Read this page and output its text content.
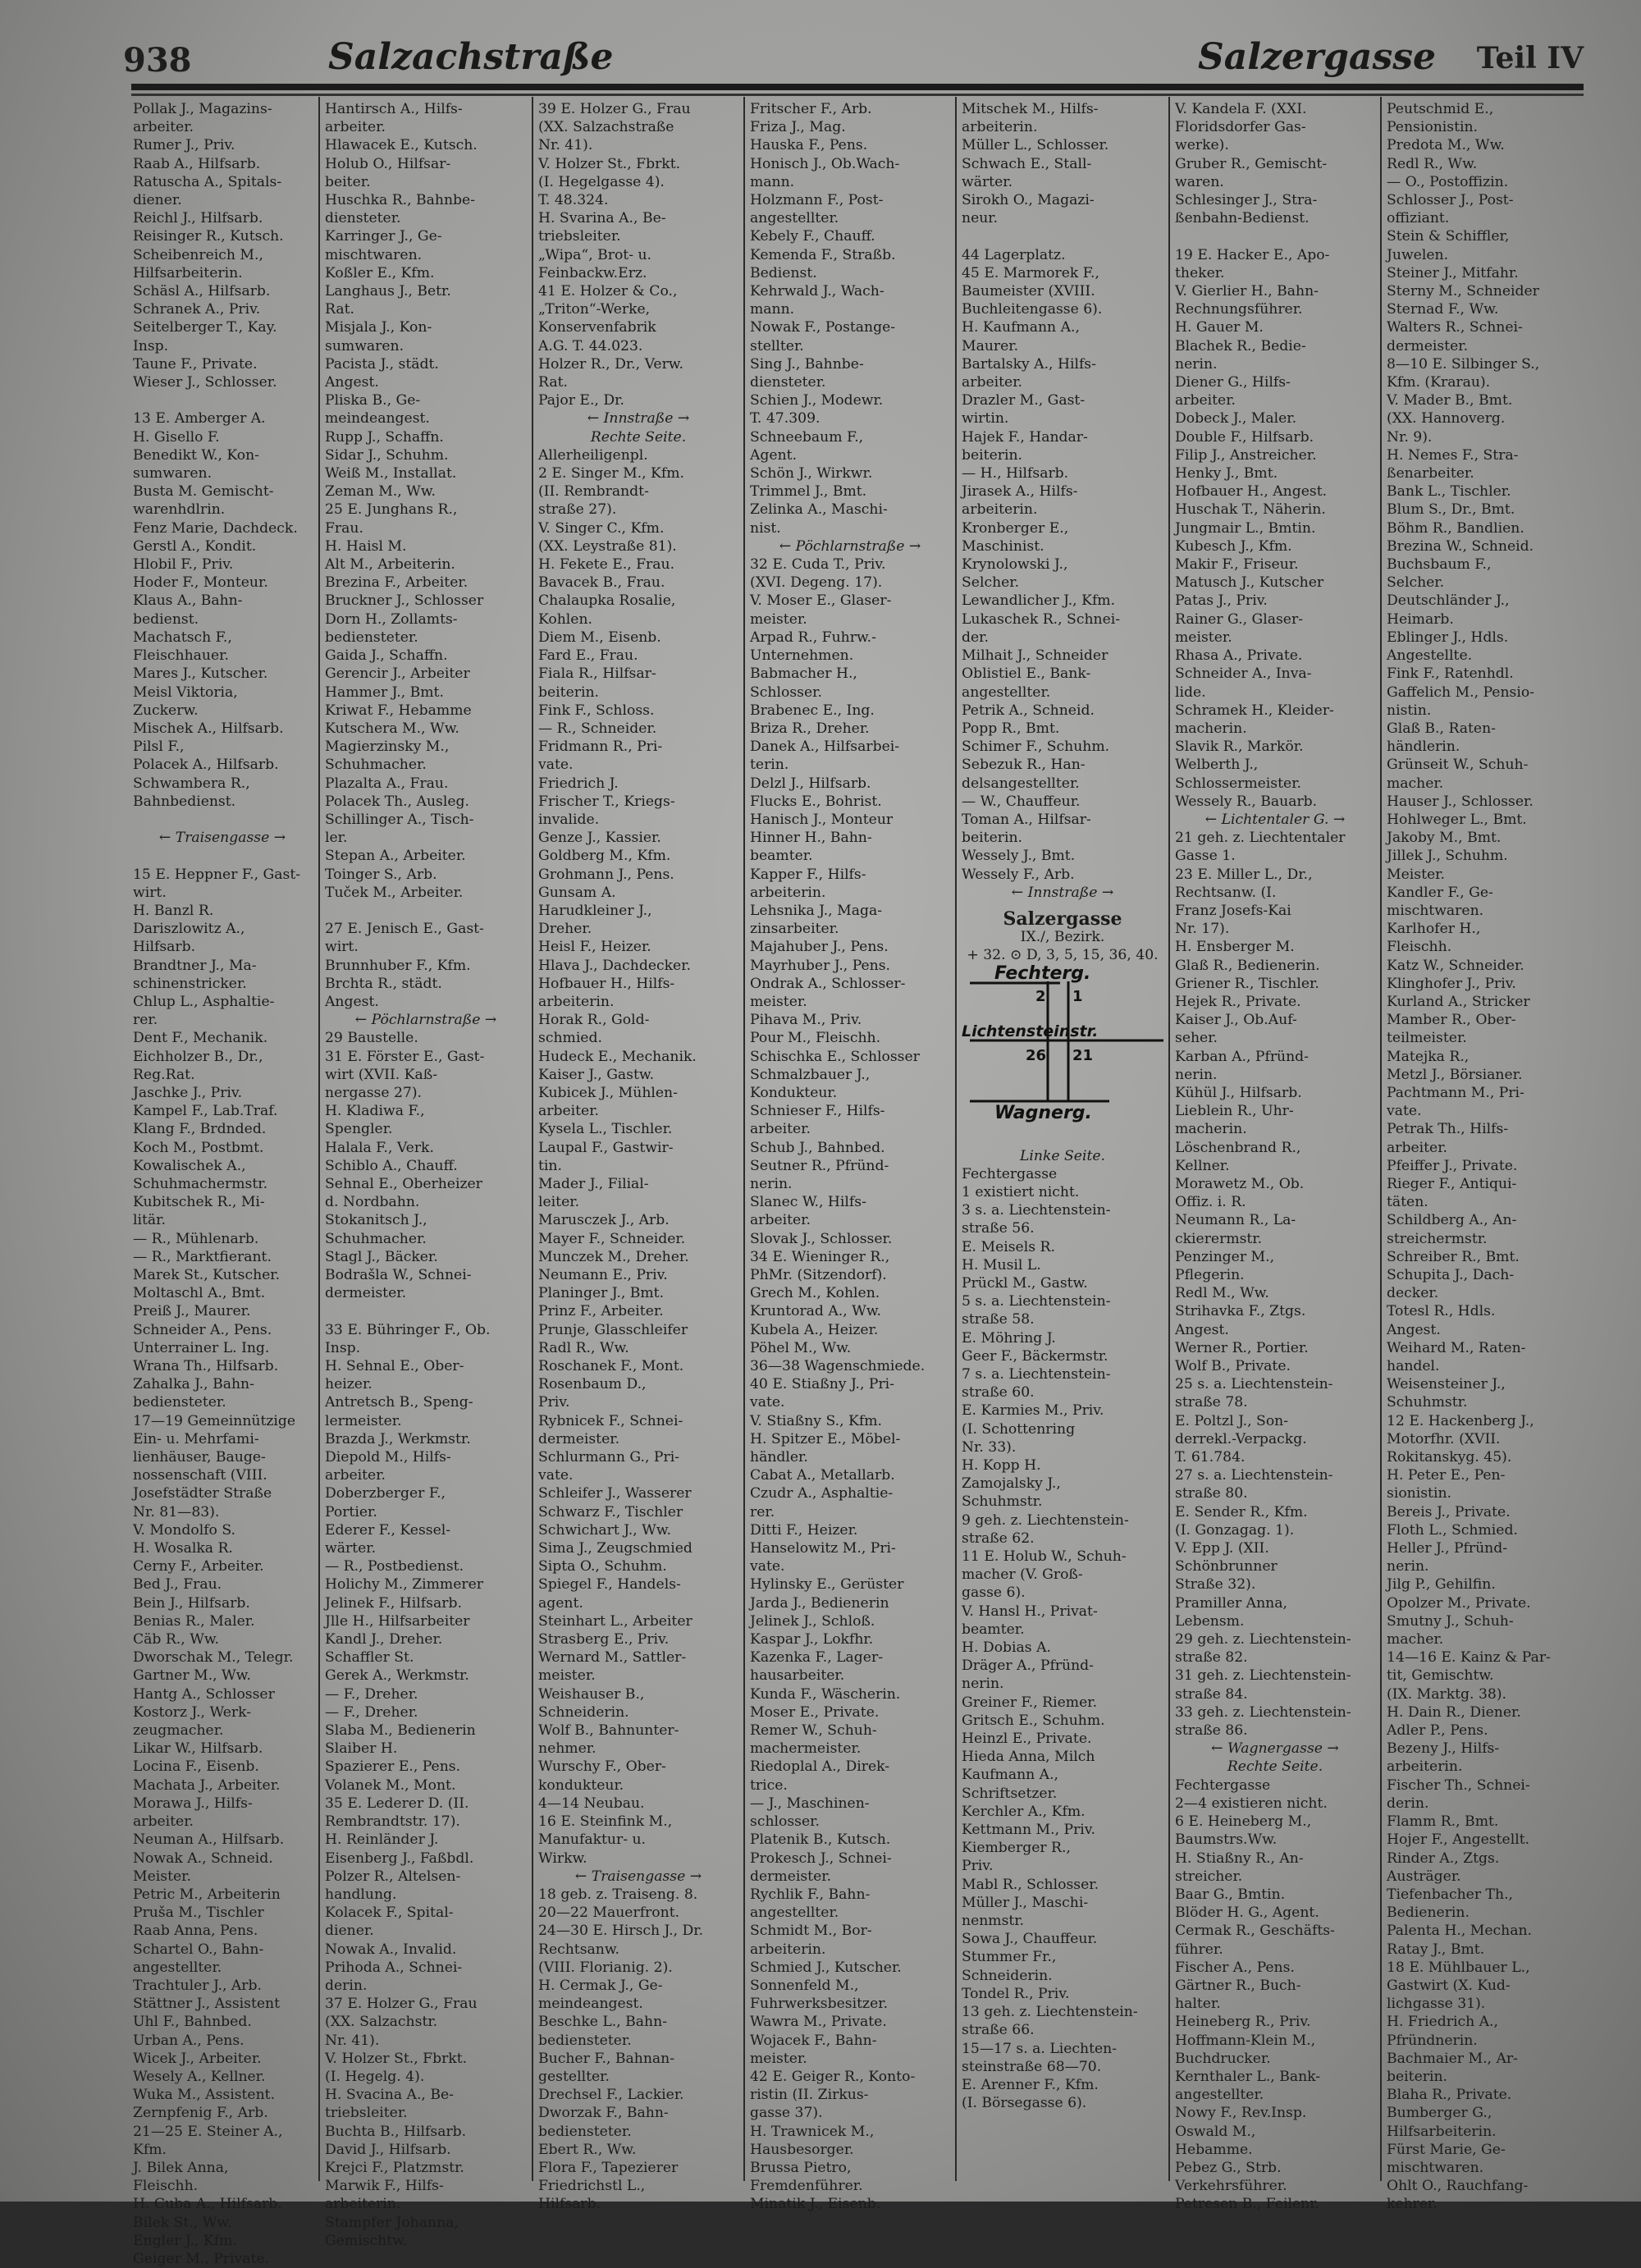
938	Salzachstraße	Salzergasse Teil IV
Pollak J., Magazins-
arbeiter.
Rumer J., Priv.
Raab A., Hilfsarb.
Ratuscha A., Spitals-
diener.
Reichl J., Hilfsarb.
Reisinger R., Kutsch.
Scheibenreich M.,
Hilfsarbeiterin.
Schäsl A., Hilfsarb.
Schranek A., Priv.
Seitelberger T., Kay.
Insp.
Taune F., Private.
Wieser J., Schlosser.

13 E. Amberger A.
H. Gisello F.
Benedikt W., Kon-
sumwaren.
Busta M. Gemischt-
warenhdlrin.
Fenz Marie, Dachdeck.
Gerstl A., Kondit.
Hlobil F., Priv.
Hoder F., Monteur.
Klaus A., Bahn-
bedienst.
Machatsch F.,
Fleischhauer.
Mares J., Kutscher.
Meisl Viktoria,
Zuckerw.
Mischek A., Hilfsarb.
Pilsl F.,
Polacek A., Hilfsarb.
Schwambera R.,
Bahnbedienst.

← Traisengasse →

15 E. Heppner F., Gast-
wirt.
H. Banzl R.
Dariszlowitz A.,
Hilfsarb.
Brandtner J., Ma-
schinenstricker.
Chlup L., Asphaltie-
rer.
Dent F., Mechanik.
Eichholzer B., Dr.,
Reg.Rat.
Jaschke J., Priv.
Kampel F., Lab.Traf.
Klang F., Brdnded.
Koch M., Postbmt.
Kowalischek A.,
Schuhmachermstr.
Kubitschek R., Mi-
litär.
— R., Mühlenarb.
— R., Marktfierant.
Marek St., Kutscher.
Moltaschl A., Bmt.
Preiß J., Maurer.
Schneider A., Pens.
Unterrainer L. Ing.
Wrana Th., Hilfsarb.
Zahalka J., Bahn-
bediensteter.
17—19 Gemeinnützige
Ein- u. Mehrfami-
lienhäuser, Bauge-
nossenschaft (VIII.
Josefstädter Straße
Nr. 81—83).
V. Mondolfo S.
H. Wosalka R.
Cerny F., Arbeiter.
Bed J., Frau.
Bein J., Hilfsarb.
Benias R., Maler.
Cäb R., Ww.
Dworschak M., Telegr.
Gartner M., Ww.
Hantg A., Schlosser
Kostorz J., Werk-
zeugmacher.
Likar W., Hilfsarb.
Locina F., Eisenb.
Machata J., Arbeiter.
Morawa J., Hilfs-
arbeiter.
Neuman A., Hilfsarb.
Nowak A., Schneid.
Meister.
Petric M., Arbeiterin
Pruša M., Tischler
Raab Anna, Pens.
Schartel O., Bahn-
angestellter.
Trachtuler J., Arb.
Stättner J., Assistent
Uhl F., Bahnbed.
Urban A., Pens.
Wicek J., Arbeiter.
Wesely A., Kellner.
Wuka M., Assistent.
Zernpfenig F., Arb.
21—25 E. Steiner A.,
Kfm.
J. Bilek Anna,
Fleischh.
H. Cuba A., Hilfsarb.
Bilek St., Ww.
Engler J., Kfm.
Geiger M., Private.
Hantirsch A., Hilfs-
arbeiter.
Hlawacek E., Kutsch.
Holub O., Hilfsar-
beiter.
Huschka R., Bahnbe-
diensteter.
Karringer J., Ge-
mischtwaren.
Koßler E., Kfm.
Langhaus J., Betr.
Rat.
Misjala J., Kon-
sumwaren.
Pacista J., städt.
Angest.
Pliska B., Ge-
meindeangest.
Rupp J., Schaffn.
Sidar J., Schuhm.
Weiß M., Installat.
Zeman M., Ww.
25 E. Junghans R.,
Frau.
H. Haisl M.
Alt M., Arbeiterin.
Brezina F., Arbeiter.
Bruckner J., Schlosser
Dorn H., Zollamts-
bediensteter.
Gaida J., Schaffn.
Gerencir J., Arbeiter
Hammer J., Bmt.
Kriwat F., Hebamme
Kutschera M., Ww.
Magierzinsky M.,
Schuhmacher.
Plazalta A., Frau.
Polacek Th., Ausleg.
Schillinger A., Tisch-
ler.
Stepan A., Arbeiter.
Toinger S., Arb.
Tuček M., Arbeiter.

27 E. Jenisch E., Gast-
wirt.
Brunnhuber F., Kfm.
Brchta R., städt.
Angest.
← Pöchlarnstraße →
29 Baustelle.
31 E. Förster E., Gast-
wirt (XVII. Kaß-
nergasse 27).
H. Kladiwa F.,
Spengler.
Halala F., Verk.
Schiblo A., Chauff.
Sehnal E., Oberheizer
d. Nordbahn.
Stokanitsch J.,
Schuhmacher.
Stagl J., Bäcker.
Bodrašla W., Schnei-
dermeister.

33 E. Bühringer F., Ob.
Insp.
H. Sehnal E., Ober-
heizer.
Antretsch B., Speng-
lermeister.
Brazda J., Werkmstr.
Diepold M., Hilfs-
arbeiter.
Doberzberger F.,
Portier.
Ederer F., Kessel-
wärter.
— R., Postbedienst.
Holichy M., Zimmerer
Jelinek F., Hilfsarb.
Jlle H., Hilfsarbeiter
Kandl J., Dreher.
Schaffler St.
Gerek A., Werkmstr.
— F., Dreher.
— F., Dreher.
Slaba M., Bedienerin
Slaiber H.
Spazierer E., Pens.
Volanek M., Mont.
35 E. Lederer D. (II.
Rembrandtstr. 17).
H. Reinländer J.
Eisenberg J., Faßbdl.
Polzer R., Altelsen-
handlung.
Kolacek F., Spital-
diener.
Nowak A., Invalid.
Prihoda A., Schnei-
derin.
37 E. Holzer G., Frau
(XX. Salzachstr.
Nr. 41).
V. Holzer St., Fbrkt.
(I. Hegelg. 4).
H. Svacina A., Be-
triebsleiter.
Buchta B., Hilfsarb.
David J., Hilfsarb.
Krejci F., Platzmstr.
Marwik F., Hilfs-
arbeiterin.
Stampfer Johanna,
Gemischtw.
39 E. Holzer G., Frau
(XX. Salzachstraße
Nr. 41).
V. Holzer St., Fbrkt.
(I. Hegelgasse 4).
T. 48.324.
H. Svarina A., Be-
triebsleiter.
„Wipa“, Brot- u.
Feinbackw.Erz.
41 E. Holzer & Co.,
„Triton“-Werke,
Konservenfabrik
A.G. T. 44.023.
Holzer R., Dr., Verw.
Rat.
Pajor E., Dr.
← Innstraße →
Rechte Seite.
Allerheiligenpl.
2 E. Singer M., Kfm.
(II. Rembrandt-
straße 27).
V. Singer C., Kfm.
(XX. Leystraße 81).
H. Fekete E., Frau.
Bavacek B., Frau.
Chalaupka Rosalie,
Kohlen.
Diem M., Eisenb.
Fard E., Frau.
Fiala R., Hilfsar-
beiterin.
Fink F., Schloss.
— R., Schneider.
Fridmann R., Pri-
vate.
Friedrich J.
Frischer T., Kriegs-
invalide.
Genze J., Kassier.
Goldberg M., Kfm.
Grohmann J., Pens.
Gunsam A.
Harudkleiner J.,
Dreher.
Heisl F., Heizer.
Hlava J., Dachdecker.
Hofbauer H., Hilfs-
arbeiterin.
Horak R., Gold-
schmied.
Hudeck E., Mechanik.
Kaiser J., Gastw.
Kubicek J., Mühlen-
arbeiter.
Kysela L., Tischler.
Laupal F., Gastwir-
tin.
Mader J., Filial-
leiter.
Marusczek J., Arb.
Mayer F., Schneider.
Munczek M., Dreher.
Neumann E., Priv.
Planinger J., Bmt.
Prinz F., Arbeiter.
Prunje, Glasschleifer
Radl R., Ww.
Roschanek F., Mont.
Rosenbaum D.,
Priv.
Rybnicek F., Schnei-
dermeister.
Schlurmann G., Pri-
vate.
Schleifer J., Wasserer
Schwarz F., Tischler
Schwichart J., Ww.
Sima J., Zeugschmied
Sipta O., Schuhm.
Spiegel F., Handels-
agent.
Steinhart L., Arbeiter
Strasberg E., Priv.
Wernard M., Sattler-
meister.
Weishauser B.,
Schneiderin.
Wolf B., Bahnunter-
nehmer.
Wurschy F., Ober-
kondukteur.
4—14 Neubau.
16 E. Steinfink M.,
Manufaktur- u.
Wirkw.
← Traisengasse →
18 geb. z. Traiseng. 8.
20—22 Mauerfront.
24—30 E. Hirsch J., Dr.
Rechtsanw.
(VIII. Florianig. 2).
H. Cermak J., Ge-
meindeangest.
Beschke L., Bahn-
bediensteter.
Bucher F., Bahnan-
gestellter.
Drechsel F., Lackier.
Dworzak F., Bahn-
bediensteter.
Ebert R., Ww.
Flora F., Tapezierer
Friedrichstl L.,
Hilfsarb.
Fritscher F., Arb.
Friza J., Mag.
Hauska F., Pens.
Honisch J., Ob.Wach-
mann.
Holzmann F., Post-
angestellter.
Kebely F., Chauff.
Kemenda F., Straßb.
Bedienst.
Kehrwald J., Wach-
mann.
Nowak F., Postange-
stellter.
Sing J., Bahnbe-
diensteter.
Schien J., Modewr.
T. 47.309.
Schneebaum F.,
Agent.
Schön J., Wirkwr.
Trimmel J., Bmt.
Zelinka A., Maschi-
nist.
← Pöchlarnstraße →
32 E. Cuda T., Priv.
(XVI. Degeng. 17).
V. Moser E., Glaser-
meister.
Arpad R., Fuhrw.-
Unternehmen.
Babmacher H.,
Schlosser.
Brabenec E., Ing.
Briza R., Dreher.
Danek A., Hilfsarbei-
terin.
Delzl J., Hilfsarb.
Flucks E., Bohrist.
Hanisch J., Monteur
Hinner H., Bahn-
beamter.
Kapper F., Hilfs-
arbeiterin.
Lehsnika J., Maga-
zinsarbeiter.
Majahuber J., Pens.
Mayrhuber J., Pens.
Ondrak A., Schlosser-
meister.
Pihava M., Priv.
Pour M., Fleischh.
Schischka E., Schlosser
Schmalzbauer J.,
Kondukteur.
Schnieser F., Hilfs-
arbeiter.
Schub J., Bahnbed.
Seutner R., Pfründ-
nerin.
Slanec W., Hilfs-
arbeiter.
Slovak J., Schlosser.
34 E. Wieninger R.,
PhMr. (Sitzendorf).
Grech M., Kohlen.
Kruntorad A., Ww.
Kubela A., Heizer.
Pöhel M., Ww.
36—38 Wagenschmiede.
40 E. Stiaßny J., Pri-
vate.
V. Stiaßny S., Kfm.
H. Spitzer E., Möbel-
händler.
Cabat A., Metallarb.
Czudr A., Asphaltie-
rer.
Ditti F., Heizer.
Hanselowitz M., Pri-
vate.
Hylinsky E., Gerüster
Jarda J., Bedienerin
Jelinek J., Schloß.
Kaspar J., Lokfhr.
Kazenka F., Lager-
hausarbeiter.
Kunda F., Wäscherin.
Moser E., Private.
Remer W., Schuh-
machermeister.
Riedoplal A., Direk-
trice.
— J., Maschinen-
schlosser.
Platenik B., Kutsch.
Prokesch J., Schnei-
dermeister.
Rychlik F., Bahn-
angestellter.
Schmidt M., Bor-
arbeiterin.
Schmied J., Kutscher.
Sonnenfeld M.,
Fuhrwerksbesitzer.
Wawra M., Private.
Wojacek F., Bahn-
meister.
42 E. Geiger R., Konto-
ristin (II. Zirkus-
gasse 37).
H. Trawnicek M.,
Hausbesorger.
Brussa Pietro,
Fremdenführer.
Minatik J., Eisenb.
Mitschek M., Hilfs-
arbeiterin.
Müller L., Schlosser.
Schwach E., Stall-
wärter.
Sirokh O., Magazi-
neur.

44 Lagerplatz.
45 E. Marmorek F.,
Baumeister (XVIII.
Buchleitengasse 6).
H. Kaufmann A.,
Maurer.
Bartalsky A., Hilfs-
arbeiter.
Drazler M., Gast-
wirtin.
Hajek F., Handar-
beiterin.
— H., Hilfsarb.
Jirasek A., Hilfs-
arbeiterin.
Kronberger E.,
Maschinist.
Krynolowski J.,
Selcher.
Lewandlicher J., Kfm.
Lukaschek R., Schnei-
der.
Milhait J., Schneider
Oblistiel E., Bank-
angestellter.
Petrik A., Schneid.
Popp R., Bmt.
Schimer F., Schuhm.
Sebezuk R., Han-
delsangestellter.
— W., Chauffeur.
Toman A., Hilfsar-
beiterin.
Wessely J., Bmt.
Wessely F., Arb.
← Innstraße →
Salzergasse
IX./, Bezirk.
+ 32. ⊙ D, 3, 5, 15, 36, 40.
Fechterg.
2 1
Lichtensteinstr.
26 21
Wagnerg.
Linke Seite.
Fechtergasse
1 existiert nicht.
3 s. a. Liechtenstein-
straße 56.
E. Meisels R.
H. Musil L.
Prückl M., Gastw.
5 s. a. Liechtenstein-
straße 58.
E. Möhring J.
Geer F., Bäckermstr.
7 s. a. Liechtenstein-
straße 60.
E. Karmies M., Priv.
(I. Schottenring
Nr. 33).
H. Kopp H.
Zamojalsky J.,
Schuhmstr.
9 geh. z. Liechtenstein-
straße 62.
11 E. Holub W., Schuh-
macher (V. Groß-
gasse 6).
V. Hansl H., Privat-
beamter.
H. Dobias A.
Dräger A., Pfründ-
nerin.
Greiner F., Riemer.
Gritsch E., Schuhm.
Heinzl E., Private.
Hieda Anna, Milch
Kaufmann A.,
Schriftsetzer.
Kerchler A., Kfm.
Kettmann M., Priv.
Kiemberger R.,
Priv.
Mabl R., Schlosser.
Müller J., Maschi-
nenmstr.
Sowa J., Chauffeur.
Stummer Fr.,
Schneiderin.
Tondel R., Priv.
13 geh. z. Liechtenstein-
straße 66.
15—17 s. a. Liechten-
steinstraße 68—70.
E. Arenner F., Kfm.
(I. Börsegasse 6).
V. Kandela F. (XXI.
Floridsdorfer Gas-
werke).
Gruber R., Gemischt-
waren.
Schlesinger J., Stra-
ßenbahn-Bedienst.

19 E. Hacker E., Apo-
theker.
V. Gierlier H., Bahn-
Rechnungsführer.
H. Gauer M.
Blachek R., Bedie-
nerin.
Diener G., Hilfs-
arbeiter.
Dobeck J., Maler.
Double F., Hilfsarb.
Filip J., Anstreicher.
Henky J., Bmt.
Hofbauer H., Angest.
Huschak T., Näherin.
Jungmair L., Bmtin.
Kubesch J., Kfm.
Makir F., Friseur.
Matusch J., Kutscher
Patas J., Priv.
Rainer G., Glaser-
meister.
Rhasa A., Private.
Schneider A., Inva-
lide.
Schramek H., Kleider-
macherin.
Slavik R., Markör.
Welberth J.,
Schlossermeister.
Wessely R., Bauarb.
← Lichtentaler G. →
21 geh. z. Liechtentaler
Gasse 1.
23 E. Miller L., Dr.,
Rechtsanw. (I.
Franz Josefs-Kai
Nr. 17).
H. Ensberger M.
Glaß R., Bedienerin.
Griener R., Tischler.
Hejek R., Private.
Kaiser J., Ob.Auf-
seher.
Karban A., Pfründ-
nerin.
Kühül J., Hilfsarb.
Lieblein R., Uhr-
macherin.
Löschenbrand R.,
Kellner.
Morawetz M., Ob.
Offiz. i. R.
Neumann R., La-
ckierermstr.
Penzinger M.,
Pflegerin.
Redl M., Ww.
Strihavka F., Ztgs.
Angest.
Werner R., Portier.
Wolf B., Private.
25 s. a. Liechtenstein-
straße 78.
E. Poltzl J., Son-
derrekl.-Verpackg.
T. 61.784.
27 s. a. Liechtenstein-
straße 80.
E. Sender R., Kfm.
(I. Gonzagag. 1).
V. Epp J. (XII.
Schönbrunner
Straße 32).
Pramiller Anna,
Lebensm.
29 geh. z. Liechtenstein-
straße 82.
31 geh. z. Liechtenstein-
straße 84.
33 geh. z. Liechtenstein-
straße 86.
← Wagnergasse →
Rechte Seite.
Fechtergasse
2—4 existieren nicht.
6 E. Heineberg M.,
Baumstrs.Ww.
H. Stiaßny R., An-
streicher.
Baar G., Bmtin.
Blöder H. G., Agent.
Cermak R., Geschäfts-
führer.
Fischer A., Pens.
Gärtner R., Buch-
halter.
Heineberg R., Priv.
Hoffmann-Klein M.,
Buchdrucker.
Kernthaler L., Bank-
angestellter.
Nowy F., Rev.Insp.
Oswald M.,
Hebamme.
Pebez G., Strb.
Verkehrsführer.
Petresen B., Feilenr.
Peutschmid E.,
Pensionistin.
Predota M., Ww.
Redl R., Ww.
— O., Postoffizin.
Schlosser J., Post-
offiziant.
Stein & Schiffler,
Juwelen.
Steiner J., Mitfahr.
Sterny M., Schneider
Sternad F., Ww.
Walters R., Schnei-
dermeister.
8—10 E. Silbinger S.,
Kfm. (Krarau).
V. Mader B., Bmt.
(XX. Hannoverg.
Nr. 9).
H. Nemes F., Stra-
ßenarbeiter.
Bank L., Tischler.
Blum S., Dr., Bmt.
Böhm R., Bandlien.
Brezina W., Schneid.
Buchsbaum F.,
Selcher.
Deutschländer J.,
Heimarb.
Eblinger J., Hdls.
Angestellte.
Fink F., Ratenhdl.
Gaffelich M., Pensio-
nistin.
Glaß B., Raten-
händlerin.
Grünseit W., Schuh-
macher.
Hauser J., Schlosser.
Hohlweger L., Bmt.
Jakoby M., Bmt.
Jillek J., Schuhm.
Meister.
Kandler F., Ge-
mischtwaren.
Karlhofer H.,
Fleischh.
Katz W., Schneider.
Klinghofer J., Priv.
Kurland A., Stricker
Mamber R., Ober-
teilmeister.
Matejka R.,
Metzl J., Börsianer.
Pachtmann M., Pri-
vate.
Petrak Th., Hilfs-
arbeiter.
Pfeiffer J., Private.
Rieger F., Antiqui-
täten.
Schildberg A., An-
streichermstr.
Schreiber R., Bmt.
Schupita J., Dach-
decker.
Totesl R., Hdls.
Angest.
Weihard M., Raten-
handel.
Weisensteiner J.,
Schuhmstr.
12 E. Hackenberg J.,
Motorfhr. (XVII.
Rokitanskyg. 45).
H. Peter E., Pen-
sionistin.
Bereis J., Private.
Floth L., Schmied.
Heller J., Pfründ-
nerin.
Jilg P., Gehilfin.
Opolzer M., Private.
Smutny J., Schuh-
macher.
14—16 E. Kainz & Par-
tit, Gemischtw.
(IX. Marktg. 38).
H. Dain R., Diener.
Adler P., Pens.
Bezeny J., Hilfs-
arbeiterin.
Fischer Th., Schnei-
derin.
Flamm R., Bmt.
Hojer F., Angestellt.
Rinder A., Ztgs.
Austräger.
Tiefenbacher Th.,
Bedienerin.
Palenta H., Mechan.
Ratay J., Bmt.
18 E. Mühlbauer L.,
Gastwirt (X. Kud-
lichgasse 31).
H. Friedrich A.,
Pfründnerin.
Bachmaier M., Ar-
beiterin.
Blaha R., Private.
Bumberger G.,
Hilfsarbeiterin.
Fürst Marie, Ge-
mischtwaren.
Ohlt O., Rauchfang-
kehrer.
